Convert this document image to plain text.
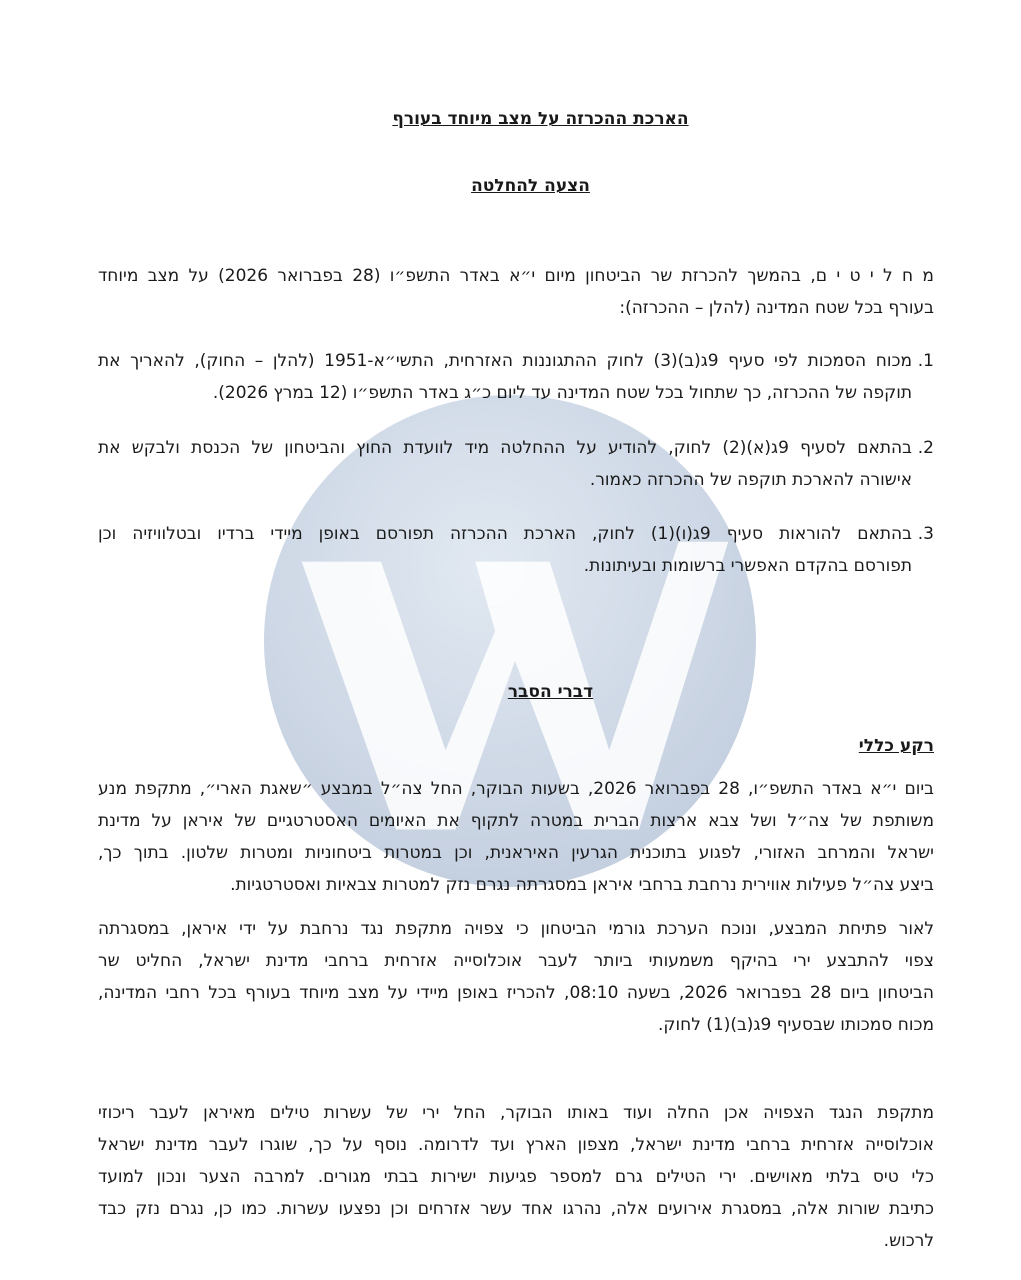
הארכת ההכרזה על מצב מיוחד בעורף
הצעה להחלטה
מ ח ל י ט י ם, בהמשך להכרזת שר הביטחון מיום י״א באדר התשפ״ו (28 בפברואר 2026) על מצב מיוחד
בעורף בכל שטח המדינה (להלן – ההכרזה):
1.
מכוח הסמכות לפי סעיף 9ג(ב)(3) לחוק ההתגוננות האזרחית, התשי״א-1951 (להלן – החוק), להאריך את
תוקפה של ההכרזה, כך שתחול בכל שטח המדינה עד ליום כ״ג באדר התשפ״ו (12 במרץ 2026).
2.
בהתאם לסעיף 9ג(א)(2) לחוק, להודיע על ההחלטה מיד לוועדת החוץ והביטחון של הכנסת ולבקש את
אישורה להארכת תוקפה של ההכרזה כאמור.
3.
בהתאם להוראות סעיף 9ג(ו)(1) לחוק, הארכת ההכרזה תפורסם באופן מיידי ברדיו ובטלוויזיה וכן
תפורסם בהקדם האפשרי ברשומות ובעיתונות.
דברי הסבר
רקע כללי
ביום י״א באדר התשפ״ו, 28 בפברואר 2026, בשעות הבוקר, החל צה״ל במבצע ״שאגת הארי״, מתקפת מנע
משותפת של צה״ל ושל צבא ארצות הברית במטרה לתקוף את האיומים האסטרטגיים של איראן על מדינת
ישראל והמרחב האזורי, לפגוע בתוכנית הגרעין האיראנית, וכן במטרות ביטחוניות ומטרות שלטון. בתוך כך,
ביצע צה״ל פעילות אווירית נרחבת ברחבי איראן במסגרתה נגרם נזק למטרות צבאיות ואסטרטגיות.
לאור פתיחת המבצע, ונוכח הערכת גורמי הביטחון כי צפויה מתקפת נגד נרחבת על ידי איראן, במסגרתה
צפוי להתבצע ירי בהיקף משמעותי ביותר לעבר אוכלוסייה אזרחית ברחבי מדינת ישראל, החליט שר
הביטחון ביום 28 בפברואר 2026, בשעה 08:10, להכריז באופן מיידי על מצב מיוחד בעורף בכל רחבי המדינה,
מכוח סמכותו שבסעיף 9ג(ב)(1) לחוק.
מתקפת הנגד הצפויה אכן החלה ועוד באותו הבוקר, החל ירי של עשרות טילים מאיראן לעבר ריכוזי
אוכלוסייה אזרחית ברחבי מדינת ישראל, מצפון הארץ ועד לדרומה. נוסף על כך, שוגרו לעבר מדינת ישראל
כלי טיס בלתי מאוישים. ירי הטילים גרם למספר פגיעות ישירות בבתי מגורים. למרבה הצער ונכון למועד
כתיבת שורות אלה, במסגרת אירועים אלה, נהרגו אחד עשר אזרחים וכן נפצעו עשרות. כמו כן, נגרם נזק כבד
לרכוש.
